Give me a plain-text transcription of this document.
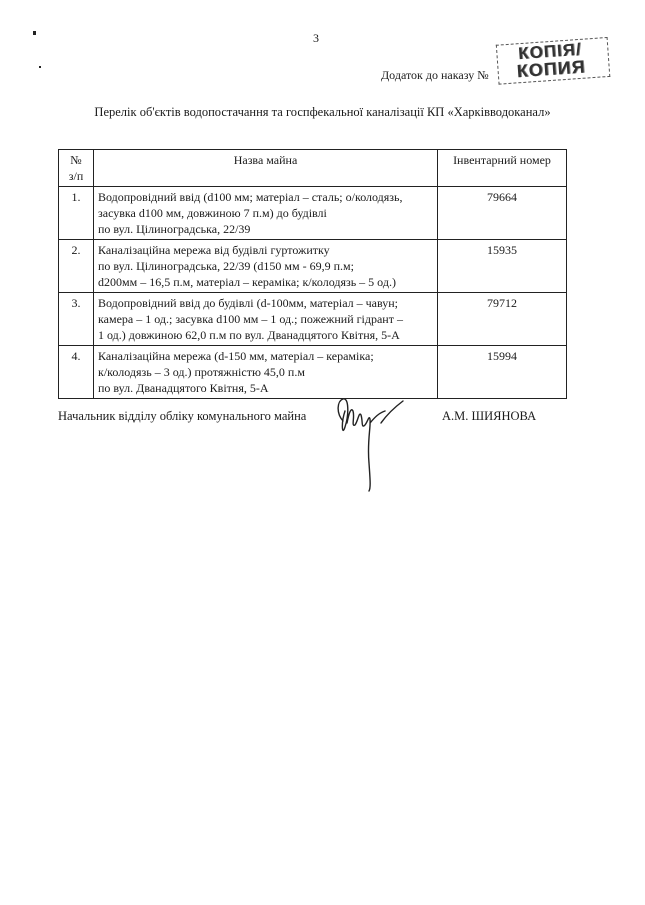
3
Додаток до наказу №
КОПІЯ/
КОПИЯ
Перелік об'єктів водопостачання та госпфекальної каналізації КП «Харківводоканал»
№
з/п	Назва майна	Інвентарний номер
1.	Водопровідний ввід (d100 мм; матеріал – сталь; о/колодязь,
засувка d100 мм, довжиною 7 п.м) до будівлі
по вул. Цілиноградська, 22/39	79664
2.	Каналізаційна мережа від будівлі гуртожитку
по вул. Цілиноградська, 22/39 (d150 мм - 69,9 п.м;
d200мм – 16,5 п.м, матеріал – кераміка; к/колодязь – 5 од.)	15935
3.	Водопровідний ввід до будівлі (d-100мм, матеріал – чавун;
камера – 1 од.; засувка d100 мм – 1 од.; пожежний гідрант –
1 од.) довжиною 62,0 п.м по вул. Дванадцятого Квітня, 5-А	79712
4.	Каналізаційна мережа (d-150 мм, матеріал – кераміка;
к/колодязь – 3 од.) протяжністю 45,0 п.м
по вул. Дванадцятого Квітня, 5-А	15994
Начальник відділу обліку комунального майна	А.М. ШИЯНОВА
